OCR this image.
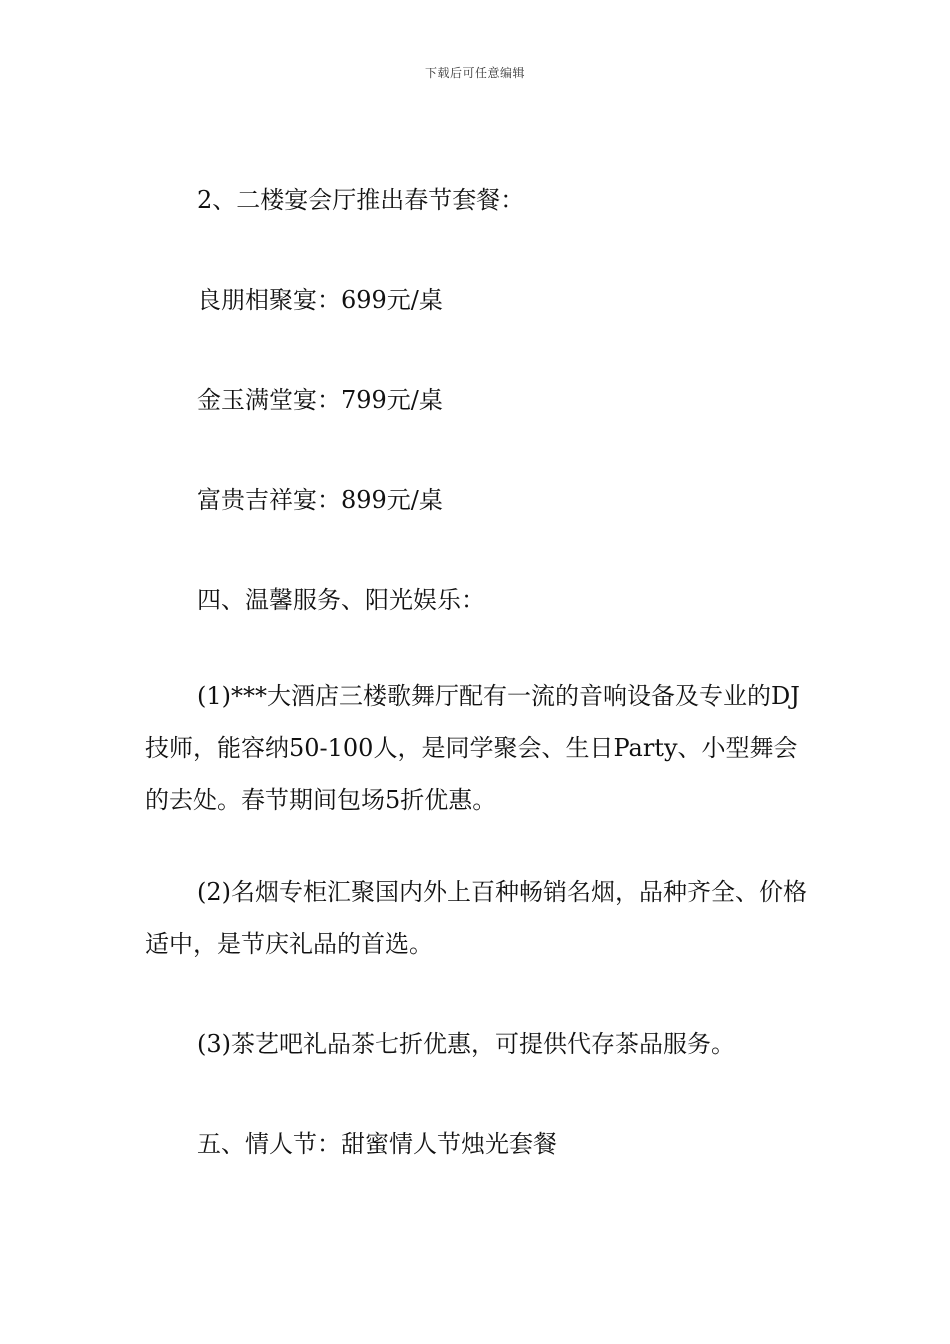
下载后可任意编辑

2、二楼宴会厅推出春节套餐：

良朋相聚宴：699元/桌

金玉满堂宴：799元/桌

富贵吉祥宴：899元/桌

四、温馨服务、阳光娱乐：

(1)***大酒店三楼歌舞厅配有一流的音响设备及专业的DJ技师，能容纳50-100人，是同学聚会、生日Party、小型舞会的去处。春节期间包场5折优惠。

(2)名烟专柜汇聚国内外上百种畅销名烟，品种齐全、价格适中，是节庆礼品的首选。

(3)茶艺吧礼品茶七折优惠，可提供代存茶品服务。

五、情人节：甜蜜情人节烛光套餐
